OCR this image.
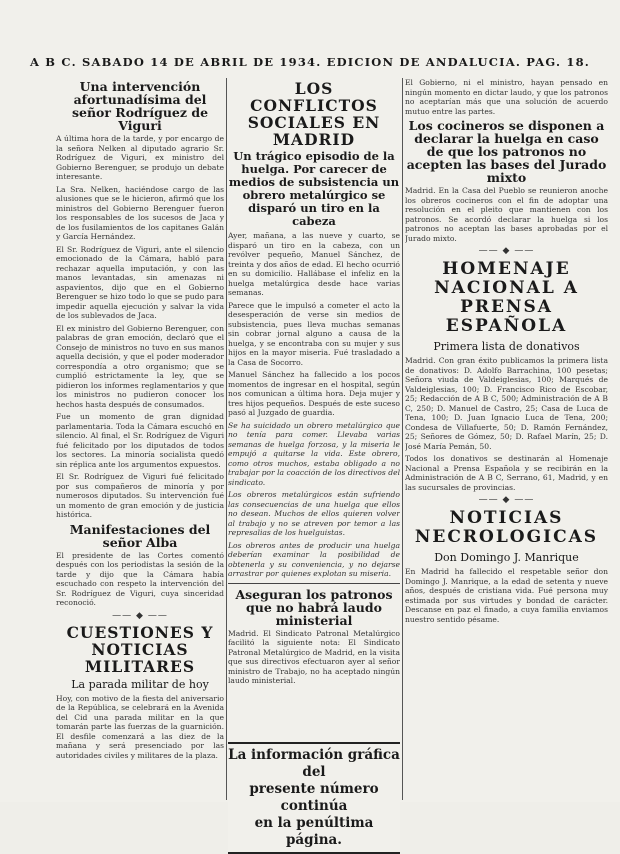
A B C. SABADO 14 DE ABRIL DE 1934. EDICION DE ANDALUCIA. PAG. 18.
Una intervención afortunadísima del señor Rodríguez de Viguri

A última hora de la tarde, y por encargo de la señora Nelken al diputado agrario Sr. Rodríguez de Viguri, ex ministro del Gobierno Berenguer, se produjo un debate interesante.

La Sra. Nelken, haciéndose cargo de las alusiones que se le hicieron, afirmó que los ministros del Gobierno Berenguer fueron los responsables de los sucesos de Jaca y de los fusilamientos de los capitanes Galán y García Hernández.

El Sr. Rodríguez de Viguri, ante el silencio emocionado de la Cámara, habló para rechazar aquella imputación, y con las manos levantadas, sin amenazas ni aspavientos, dijo que en el Gobierno Berenguer se hizo todo lo que se pudo para impedir aquella ejecución y salvar la vida de los sublevados de Jaca.

El ex ministro del Gobierno Berenguer, con palabras de gran emoción, declaró que el Consejo de ministros no tuvo en sus manos aquella decisión, y que el poder moderador correspondía a otro organismo; que se cumplió estrictamente la ley, que se pidieron los informes reglamentarios y que los ministros no pudieron conocer los hechos hasta después de consumados.

Fue un momento de gran dignidad parlamentaria. Toda la Cámara escuchó en silencio. Al final, el Sr. Rodríguez de Viguri fué felicitado por los diputados de todos los sectores. La minoría socialista quedó sin réplica ante los argumentos expuestos.

El Sr. Rodríguez de Viguri fué felicitado por sus compañeros de minoría y por numerosos diputados. Su intervención fué un momento de gran emoción y de justicia histórica.

Manifestaciones del señor Alba

El presidente de las Cortes comentó después con los periodistas la sesión de la tarde y dijo que la Cámara había escuchado con respeto la intervención del Sr. Rodríguez de Viguri, cuya sinceridad reconoció.

—— ◆ ——
CUESTIONES Y NOTICIAS MILITARES
La parada militar de hoy

Hoy, con motivo de la fiesta del aniversario de la República, se celebrará en la Avenida del Cid una parada militar en la que tomarán parte las fuerzas de la guarnición. El desfile comenzará a las diez de la mañana y será presenciado por las autoridades civiles y militares de la plaza.

LOS CONFLICTOS SOCIALES EN MADRID
Un trágico episodio de la huelga. Por carecer de medios de subsistencia un obrero metalúrgico se disparó un tiro en la cabeza

Ayer, mañana, a las nueve y cuarto, se disparó un tiro en la cabeza, con un revólver pequeño, Manuel Sánchez, de treinta y dos años de edad. El hecho ocurrió en su domicilio. Hallábase el infeliz en la huelga metalúrgica desde hace varias semanas.

Parece que le impulsó a cometer el acto la desesperación de verse sin medios de subsistencia, pues lleva muchas semanas sin cobrar jornal alguno a causa de la huelga, y se encontraba con su mujer y sus hijos en la mayor miseria. Fué trasladado a la Casa de Socorro.

Manuel Sánchez ha fallecido a los pocos momentos de ingresar en el hospital, según nos comunican a última hora. Deja mujer y tres hijos pequeños. Después de este suceso pasó al Juzgado de guardia.

Se ha suicidado un obrero metalúrgico que no tenía para comer. Llevaba varias semanas de huelga forzosa, y la miseria le empujó a quitarse la vida. Este obrero, como otros muchos, estaba obligado a no trabajar por la coacción de los directivos del sindicato.

Los obreros metalúrgicos están sufriendo las consecuencias de una huelga que ellos no desean. Muchos de ellos quieren volver al trabajo y no se atreven por temor a las represalias de los huelguistas.

Los obreros antes de producir una huelga deberían examinar la posibilidad de obtenerla y su conveniencia, y no dejarse arrastrar por quienes explotan su miseria.

Aseguran los patronos que no habrá laudo ministerial

Madrid. El Sindicato Patronal Metalúrgico facilitó la siguiente nota: El Sindicato Patronal Metalúrgico de Madrid, en la visita que sus directivos efectuaron ayer al señor ministro de Trabajo, no ha aceptado ningún laudo ministerial.

El Gobierno, ni el ministro, hayan pensado en ningún momento en dictar laudo, y que los patronos no aceptarían más que una solución de acuerdo mutuo entre las partes.

Los cocineros se disponen a declarar la huelga en caso de que los patronos no acepten las bases del Jurado mixto

Madrid. En la Casa del Pueblo se reunieron anoche los obreros cocineros con el fin de adoptar una resolución en el pleito que mantienen con los patronos. Se acordó declarar la huelga si los patronos no aceptan las bases aprobadas por el Jurado mixto.

—— ◆ ——
HOMENAJE NACIONAL A PRENSA ESPAÑOLA
Primera lista de donativos

Madrid. Con gran éxito publicamos la primera lista de donativos: D. Adolfo Barrachina, 100 pesetas; Señora viuda de Valdeiglesias, 100; Marqués de Valdeiglesias, 100; D. Francisco Rico de Escobar, 25; Redacción de A B C, 500; Administración de A B C, 250; D. Manuel de Castro, 25; Casa de Luca de Tena, 100; D. Juan Ignacio Luca de Tena, 200; Condesa de Villafuerte, 50; D. Ramón Fernández, 25; Señores de Gómez, 50; D. Rafael Marín, 25; D. José María Pemán, 50.

Todos los donativos se destinarán al Homenaje Nacional a Prensa Española y se recibirán en la Administración de A B C, Serrano, 61, Madrid, y en las sucursales de provincias.

—— ◆ ——
NOTICIAS NECROLOGICAS
Don Domingo J. Manrique

En Madrid ha fallecido el respetable señor don Domingo J. Manrique, a la edad de setenta y nueve años, después de cristiana vida. Fué persona muy estimada por sus virtudes y bondad de carácter. Descanse en paz el finado, a cuya familia enviamos nuestro sentido pésame.

La información gráfica del
presente número continúa
en la penúltima página.
